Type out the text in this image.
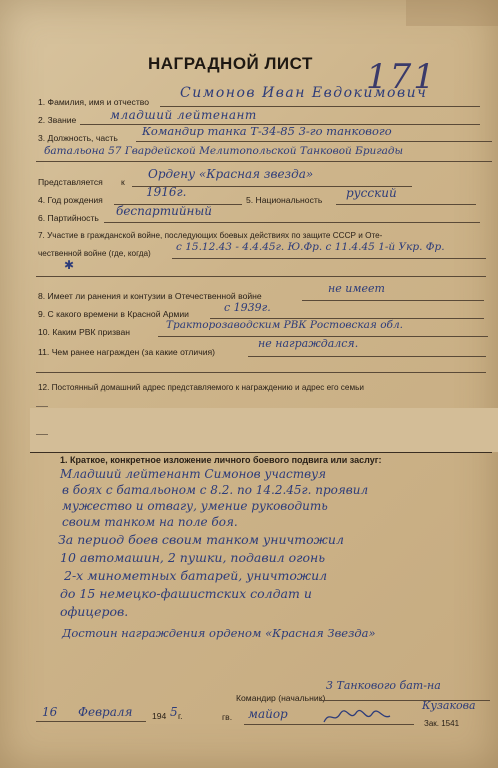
НАГРАДНОЙ ЛИСТ 171
1. Фамилия, имя и отчество
Симонов Иван Евдокимович
2. Звание	младший лейтенант
3. Должность, часть Командир танка Т-34-85 3-го танкового
батальона 57 Гвардейской Мелитопольской Танковой Бригады
Представляется к
Ордену «Красная звезда»
4. Год рождения
1916г.
5. Национальность русский
6. Партийность беспартийный
7. Участие в гражданской войне, последующих боевых действиях по защите СССР и Оте-
чественной войне (где, когда)
с 15.12.43 - 4.4.45г. Ю.Фр. с 11.4.45 1-й Укр. Фр.
✱
8. Имеет ли ранения и контузии в Отечественной войне
не имеет
9. С какого времени в Красной Армии	с 1939г.
10. Каким РВК призван
Тракторозаводским РВК Ростовская обл.
11. Чем ранее награжден (за какие отличия)
не награждался.
12. Постоянный домашний адрес представляемого к награждению и адрес его семьи
1. Краткое, конкретное изложение личного боевого подвига или заслуг:
Младший лейтенант Симонов участвуя
в боях с батальоном с 8.2. по 14.2.45г. проявил
мужество и отвагу, умение руководить
своим танком на поле боя.
За период боев своим танком уничтожил
10 автомашин, 2 пушки, подавил огонь
2-х минометных батарей, уничтожил
до 15 немецко-фашистских солдат и
офицеров.
Достоин награждения орденом «Красная Звезда»
16 Февраля 194 5 г.
Командир (начальник)
3 Танкового бат-на
гв. майор
Кузакова
Зак. 1541
